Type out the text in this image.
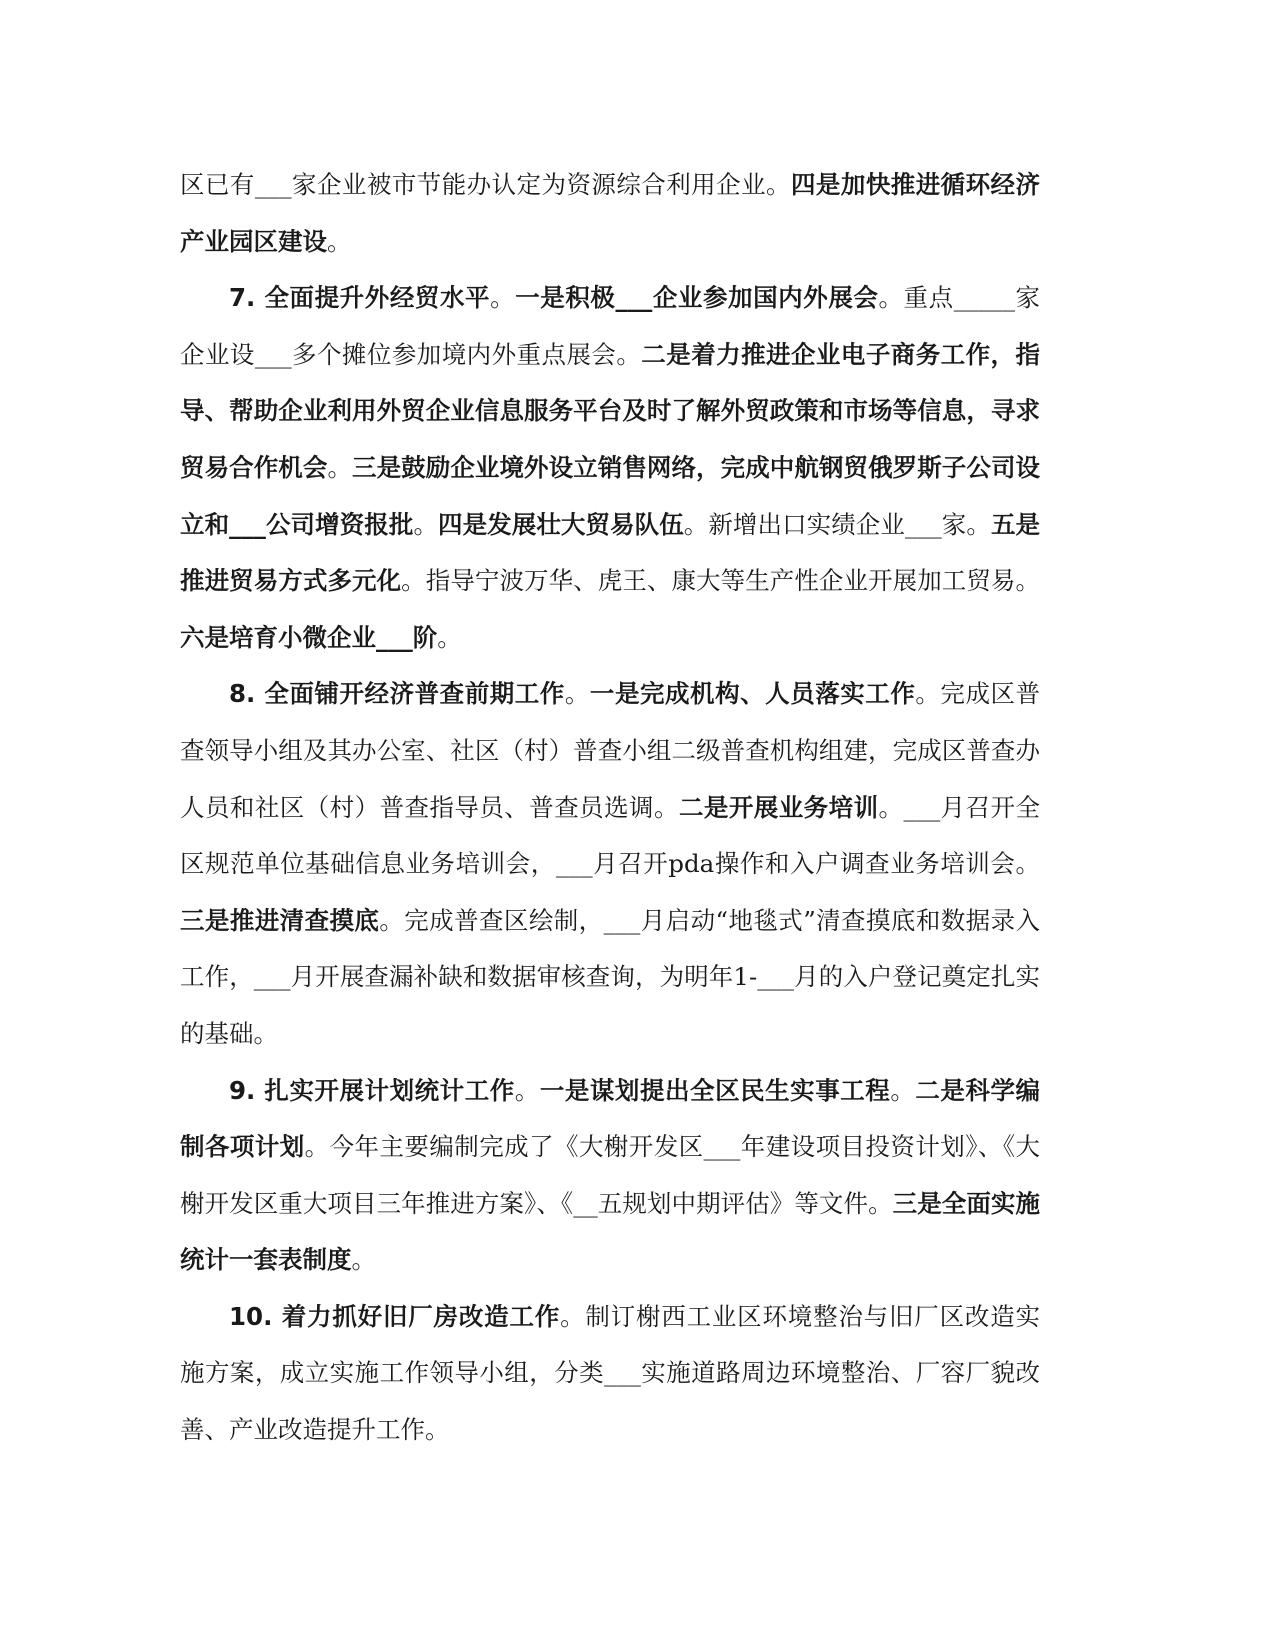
区已有___家企业被市节能办认定为资源综合利用企业。四是加快推进循环经济产业园区建设。

7. 全面提升外经贸水平。一是积极___企业参加国内外展会。重点_____家企业设___多个摊位参加境内外重点展会。二是着力推进企业电子商务工作，指导、帮助企业利用外贸企业信息服务平台及时了解外贸政策和市场等信息，寻求贸易合作机会。三是鼓励企业境外设立销售网络，完成中航钢贸俄罗斯子公司设立和___公司增资报批。四是发展壮大贸易队伍。新增出口实绩企业___家。五是推进贸易方式多元化。指导宁波万华、虎王、康大等生产性企业开展加工贸易。六是培育小微企业___阶。

8. 全面铺开经济普查前期工作。一是完成机构、人员落实工作。完成区普查领导小组及其办公室、社区（村）普查小组二级普查机构组建，完成区普查办人员和社区（村）普查指导员、普查员选调。二是开展业务培训。___月召开全区规范单位基础信息业务培训会，___月召开pda操作和入户调查业务培训会。三是推进清查摸底。完成普查区绘制，___月启动“地毯式”清查摸底和数据录入工作，___月开展查漏补缺和数据审核查询，为明年1-___月的入户登记奠定扎实的基础。

9. 扎实开展计划统计工作。一是谋划提出全区民生实事工程。二是科学编制各项计划。今年主要编制完成了《大榭开发区___年建设项目投资计划》、《大榭开发区重大项目三年推进方案》、《__五规划中期评估》等文件。三是全面实施统计一套表制度。

10. 着力抓好旧厂房改造工作。制订榭西工业区环境整治与旧厂区改造实施方案，成立实施工作领导小组，分类___实施道路周边环境整治、厂容厂貌改善、产业改造提升工作。
